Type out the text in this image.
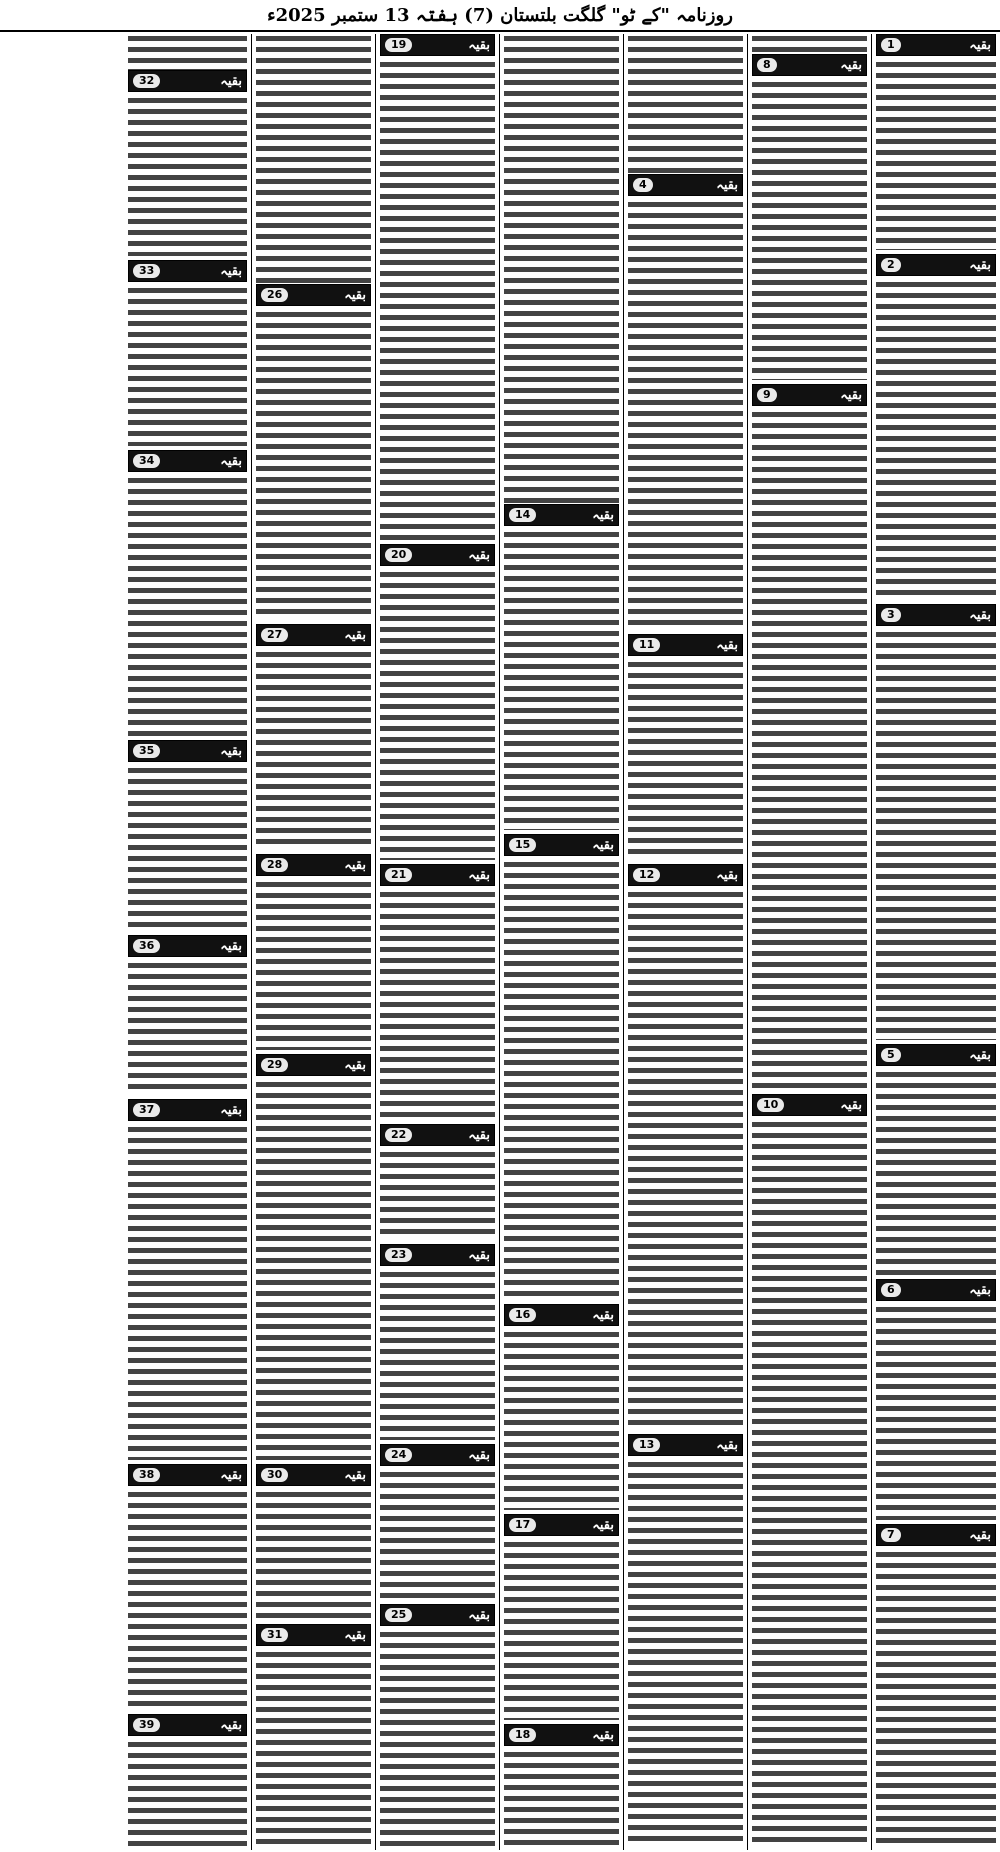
روزنامہ "کے ٹو" گلگت بلتستان (7) ہفتہ 13 ستمبر 2025ء
1	بقیہ
2	بقیہ
3	بقیہ
5	بقیہ
6	بقیہ
7	بقیہ
8	بقیہ
9	بقیہ
10	بقیہ
4	بقیہ
11	بقیہ
12	بقیہ
13	بقیہ
14	بقیہ
15	بقیہ
16	بقیہ
17	بقیہ
18	بقیہ
19	بقیہ
20	بقیہ
21	بقیہ
22	بقیہ
23	بقیہ
24	بقیہ
25	بقیہ
26	بقیہ
27	بقیہ
28	بقیہ
29	بقیہ
30	بقیہ
31	بقیہ
32	بقیہ
33	بقیہ
34	بقیہ
35	بقیہ
36	بقیہ
37	بقیہ
38	بقیہ
39	بقیہ
